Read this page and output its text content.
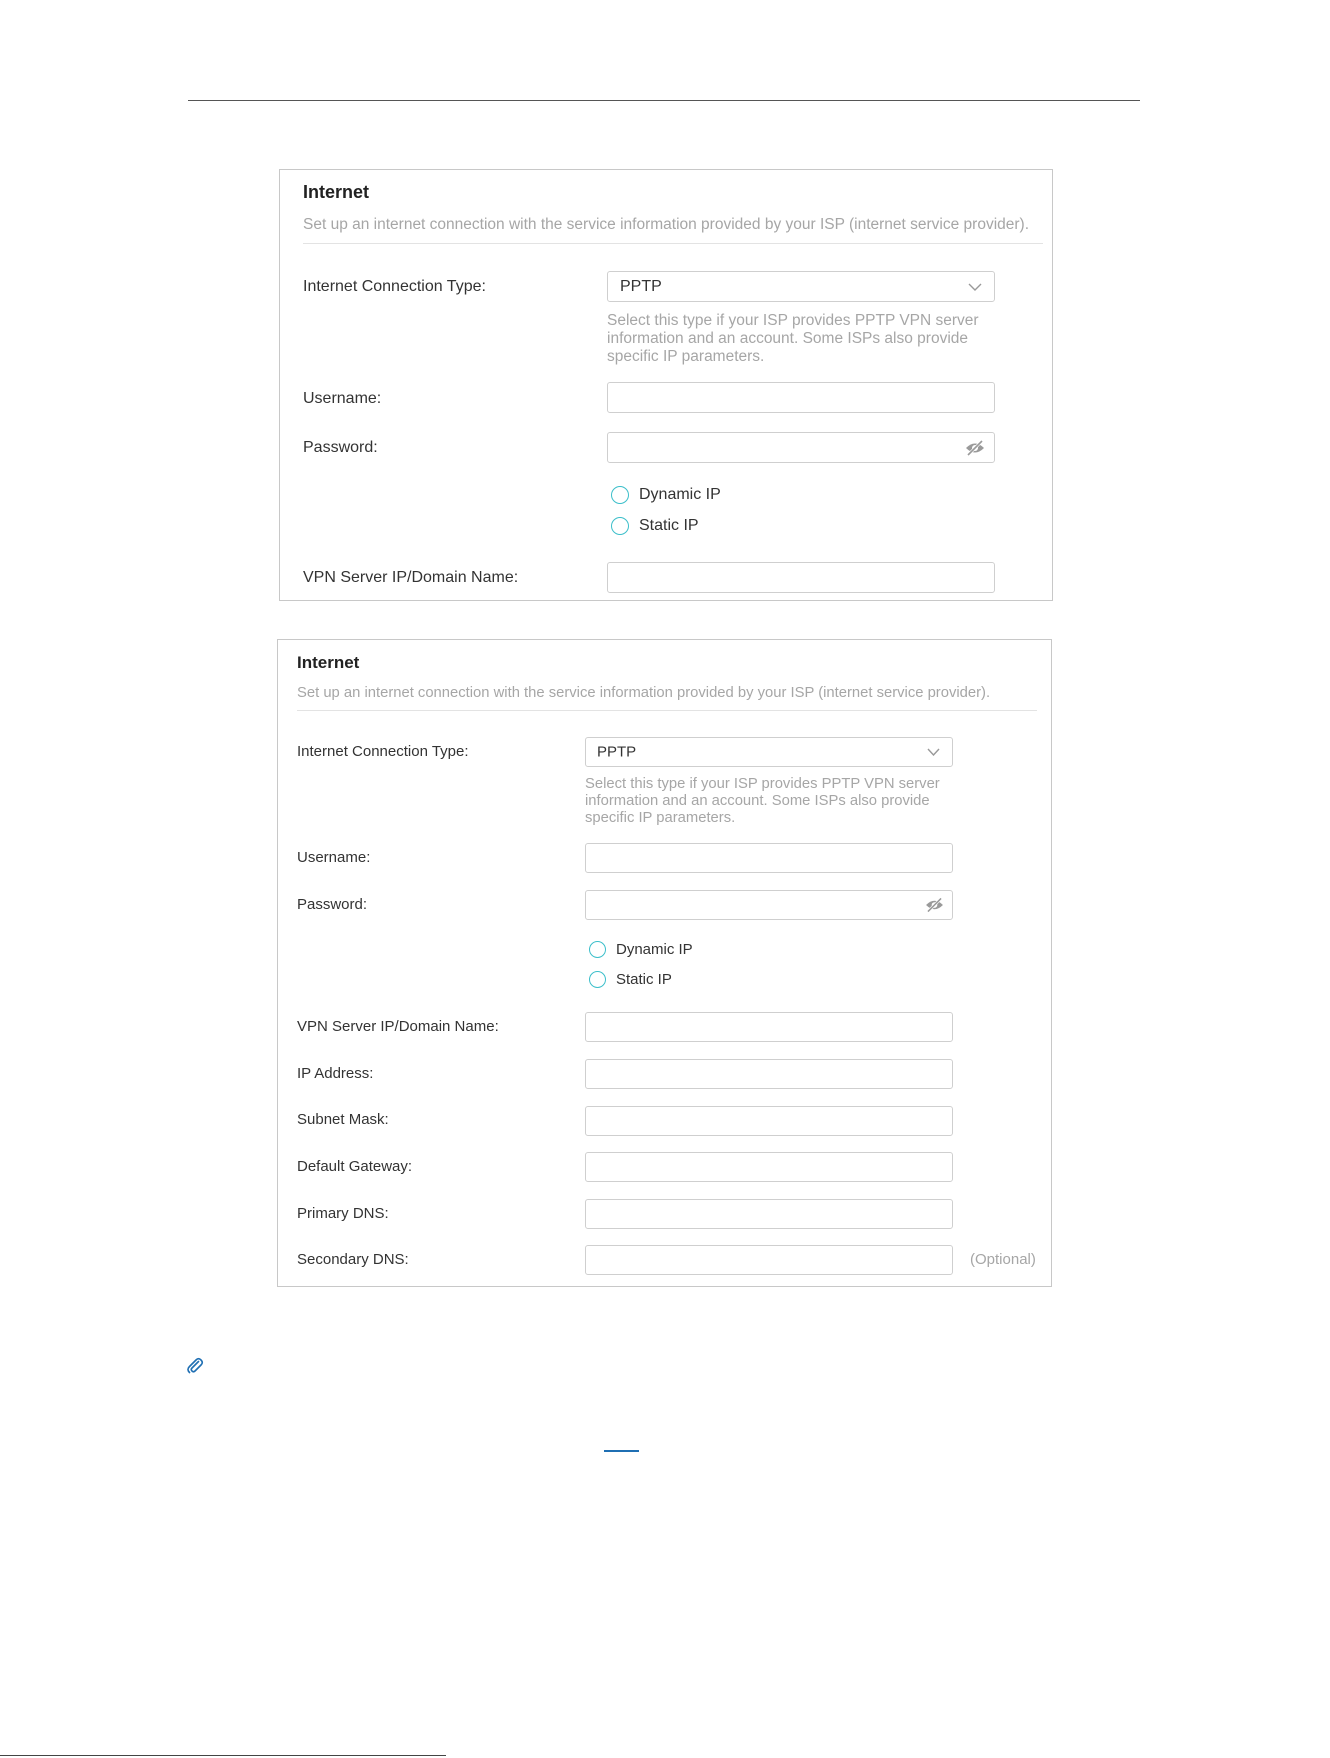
Internet
Set up an internet connection with the service information provided by your ISP (internet service provider).
Internet Connection Type:	PPTP
Select this type if your ISP provides PPTP VPN server
information and an account. Some ISPs also provide
specific IP parameters.
Username:
Password:
Dynamic IP
Static IP
VPN Server IP/Domain Name:
Internet
Set up an internet connection with the service information provided by your ISP (internet service provider).
Internet Connection Type:	PPTP
Select this type if your ISP provides PPTP VPN server
information and an account. Some ISPs also provide
specific IP parameters.
Username:
Password:
Dynamic IP
Static IP
VPN Server IP/Domain Name:
IP Address:
Subnet Mask:
Default Gateway:
Primary DNS:
Secondary DNS:	(Optional)
